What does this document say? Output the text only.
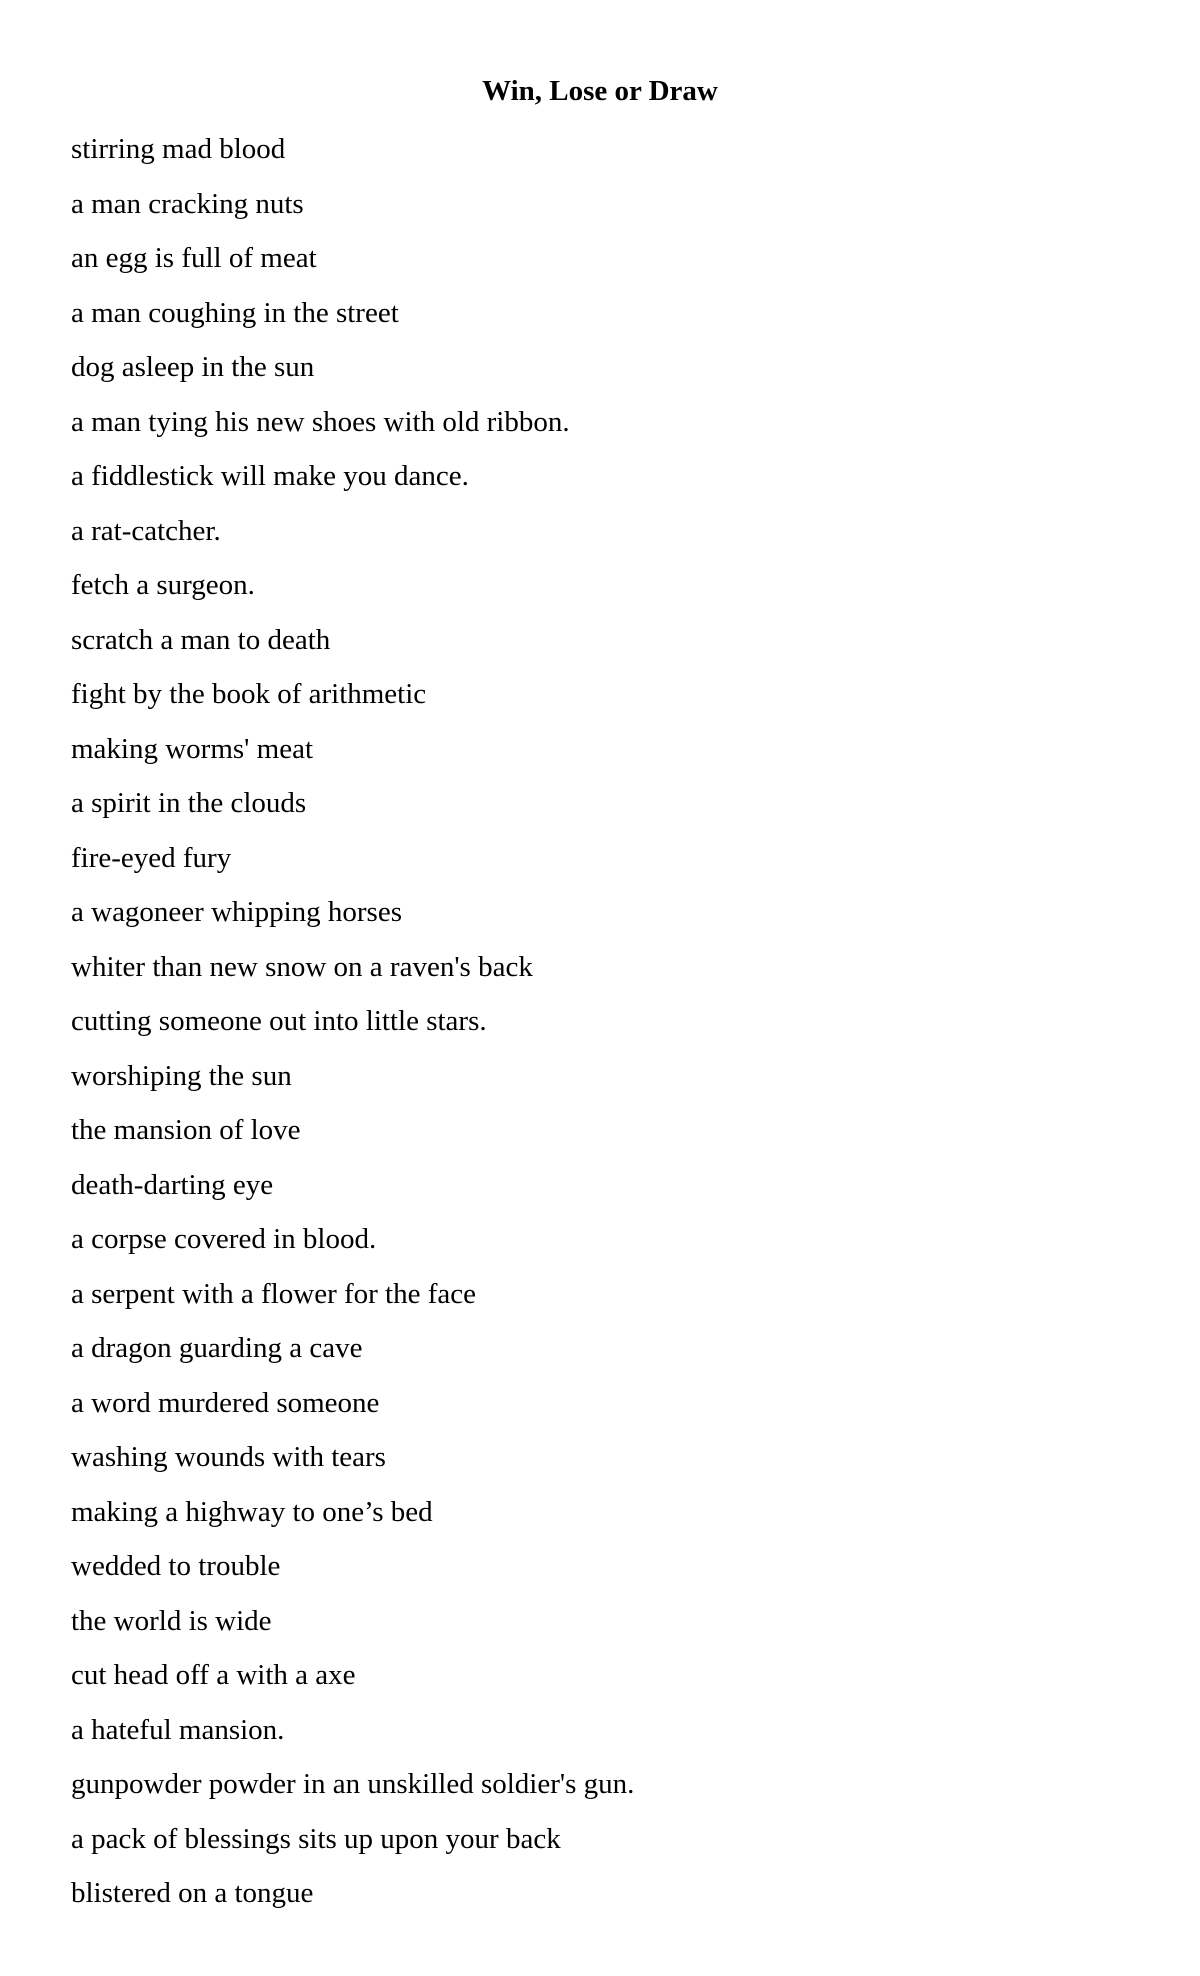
Win, Lose or Draw
stirring mad blood
a man cracking nuts
an egg is full of meat
a man coughing in the street
dog asleep in the sun
a man tying his new shoes with old ribbon.
a fiddlestick will make you dance.
a rat-catcher.
fetch a surgeon.
scratch a man to death
fight by the book of arithmetic
making worms' meat
a spirit in the clouds
fire-eyed fury
a wagoneer whipping horses
whiter than new snow on a raven's back
cutting someone out into little stars.
worshiping the sun
the mansion of love
death-darting eye
a corpse covered in blood.
a serpent with a flower for the face
a dragon guarding a cave
a word murdered someone
washing wounds with tears
making a highway to one’s bed
wedded to trouble
the world is wide
cut head off a with a axe
a hateful mansion.
gunpowder powder in an unskilled soldier's gun.
a pack of blessings sits up upon your back
blistered on a tongue
